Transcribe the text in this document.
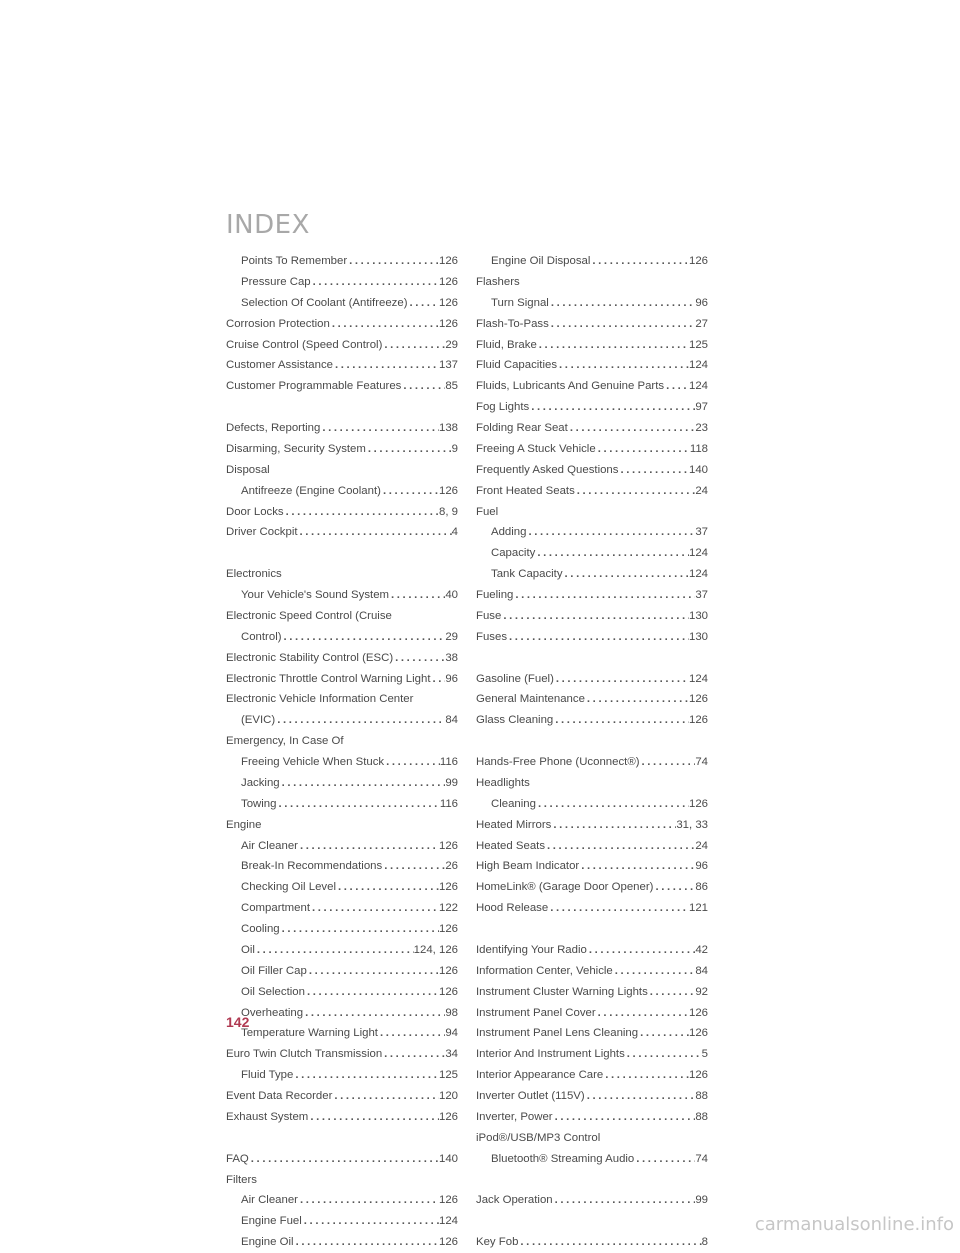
INDEX
Points To Remember .....	126
Pressure Cap .....	126
Selection Of Coolant (Antifreeze) .....	126
Corrosion Protection .....	126
Cruise Control (Speed Control) .....	29
Customer Assistance .....	137
Customer Programmable Features .....	85
Defects, Reporting .....	138
Disarming, Security System .....	9
Disposal
Antifreeze (Engine Coolant) .....	126
Door Locks .....	8, 9
Driver Cockpit .....	4
Electronics
Your Vehicle's Sound System .....	40
Electronic Speed Control (Cruise
Control) .....	29
Electronic Stability Control (ESC) .....	38
Electronic Throttle Control Warning Light ..... 96
Electronic Vehicle Information Center
(EVIC) .....	84
Emergency, In Case Of
Freeing Vehicle When Stuck .....	116
Jacking .....	99
Towing .....	116
Engine
Air Cleaner .....	126
Break-In Recommendations .....	26
Checking Oil Level .....	126
Compartment .....	122
Cooling .....	126
Oil .....	124, 126
Oil Filler Cap .....	126
Oil Selection .....	126
Overheating .....	98
Temperature Warning Light .....	94
Euro Twin Clutch Transmission .....	34
Fluid Type .....	125
Event Data Recorder .....	120
Exhaust System .....	126
FAQ .....	140
Filters
Air Cleaner .....	126
Engine Fuel .....	124
Engine Oil .....	126
Engine Oil Disposal .....	126
Flashers
Turn Signal .....	96
Flash-To-Pass .....	27
Fluid, Brake .....	125
Fluid Capacities .....	124
Fluids, Lubricants And Genuine Parts ..... 124
Fog Lights .....	97
Folding Rear Seat .....	23
Freeing A Stuck Vehicle .....	118
Frequently Asked Questions .....	140
Front Heated Seats .....	24
Fuel
Adding .....	37
Capacity .....	124
Tank Capacity .....	124
Fueling .....	37
Fuse .....	130
Fuses .....	130
Gasoline (Fuel) .....	124
General Maintenance .....	126
Glass Cleaning .....	126
Hands-Free Phone (Uconnect®) .....	74
Headlights
Cleaning .....	126
Heated Mirrors .....	31, 33
Heated Seats .....	24
High Beam Indicator .....	96
HomeLink® (Garage Door Opener) .....	86
Hood Release .....	121
Identifying Your Radio .....	42
Information Center, Vehicle .....	84
Instrument Cluster Warning Lights .....	92
Instrument Panel Cover .....	126
Instrument Panel Lens Cleaning .....	126
Interior And Instrument Lights .....	5
Interior Appearance Care .....	126
Inverter Outlet (115V) .....	88
Inverter, Power .....	88
iPod®/USB/MP3 Control
Bluetooth® Streaming Audio .....	74
Jack Operation .....	99
Key Fob .....	8
142
carmanualsonline.info
